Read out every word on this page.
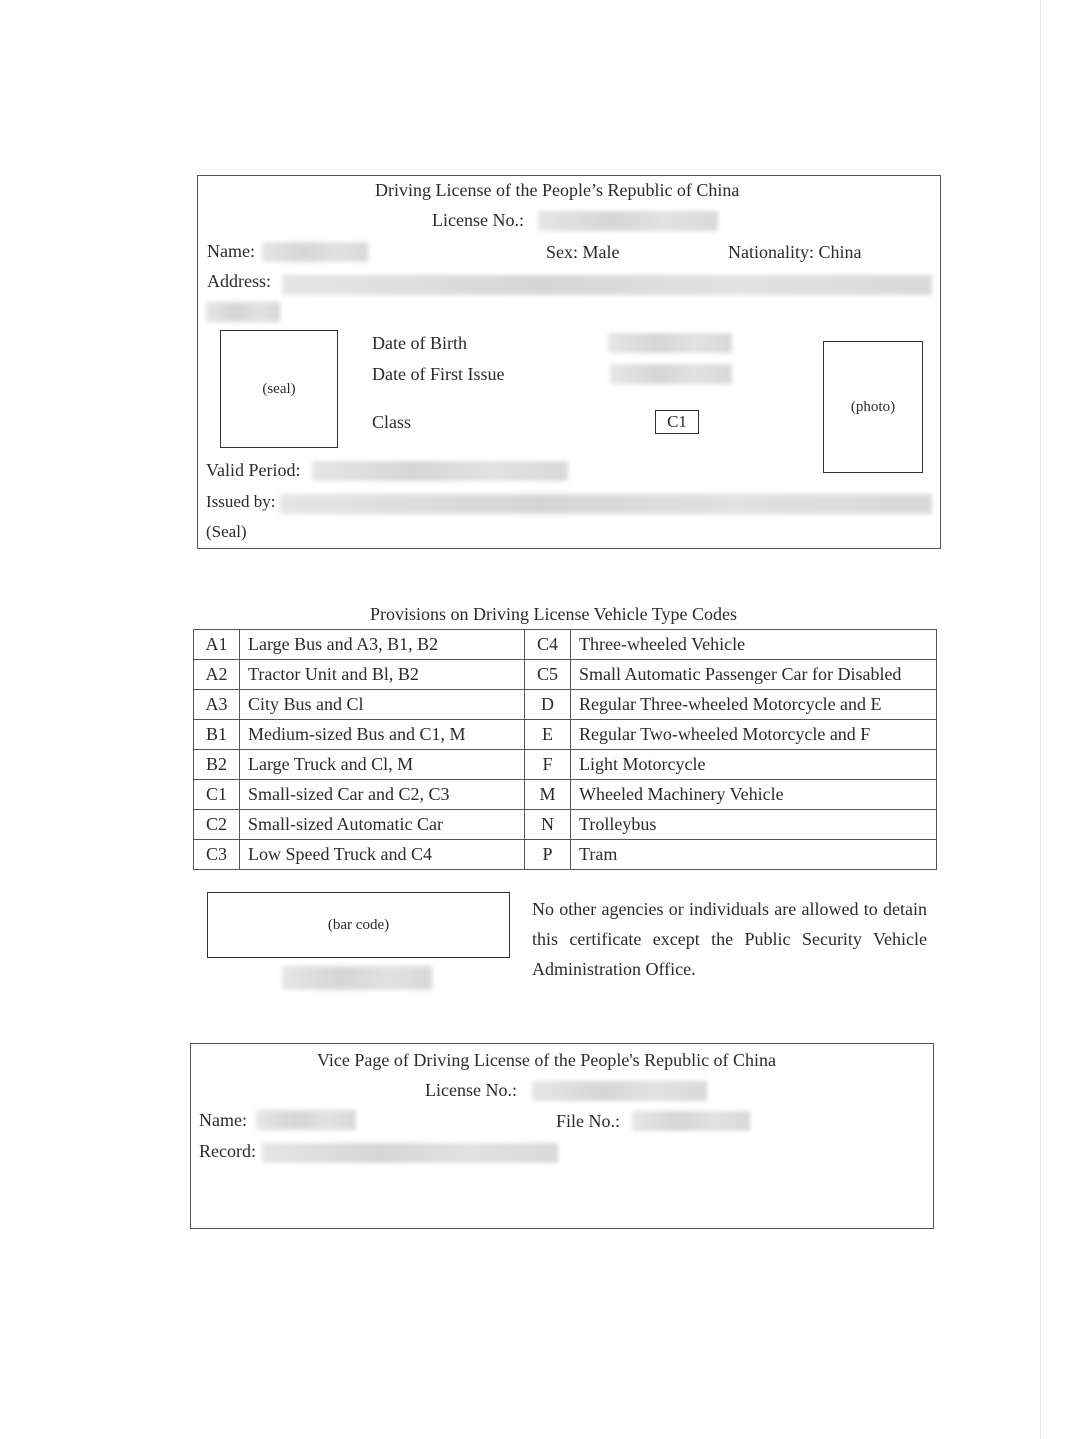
Driving License of the People’s Republic of China
License No.:
Name:	Sex: Male	Nationality: China
Address:
(seal)
Date of Birth
Date of First Issue
Class	C1
(photo)
Valid Period:
Issued by:
(Seal)
Provisions on Driving License Vehicle Type Codes
A1	Large Bus and A3, B1, B2	C4	Three-wheeled Vehicle
A2	Tractor Unit and Bl, B2	C5	Small Automatic Passenger Car for Disabled
A3	City Bus and Cl	D	Regular Three-wheeled Motorcycle and E
B1	Medium-sized Bus and C1, M	E	Regular Two-wheeled Motorcycle and F
B2	Large Truck and Cl, M	F	Light Motorcycle
C1	Small-sized Car and C2, C3	M	Wheeled Machinery Vehicle
C2	Small-sized Automatic Car	N	Trolleybus
C3	Low Speed Truck and C4	P	Tram
(bar code)
No other agencies or individuals are allowed to detain this certificate except the Public Security Vehicle Administration Office.
Vice Page of Driving License of the People's Republic of China
License No.:
Name:	File No.:
Record:
